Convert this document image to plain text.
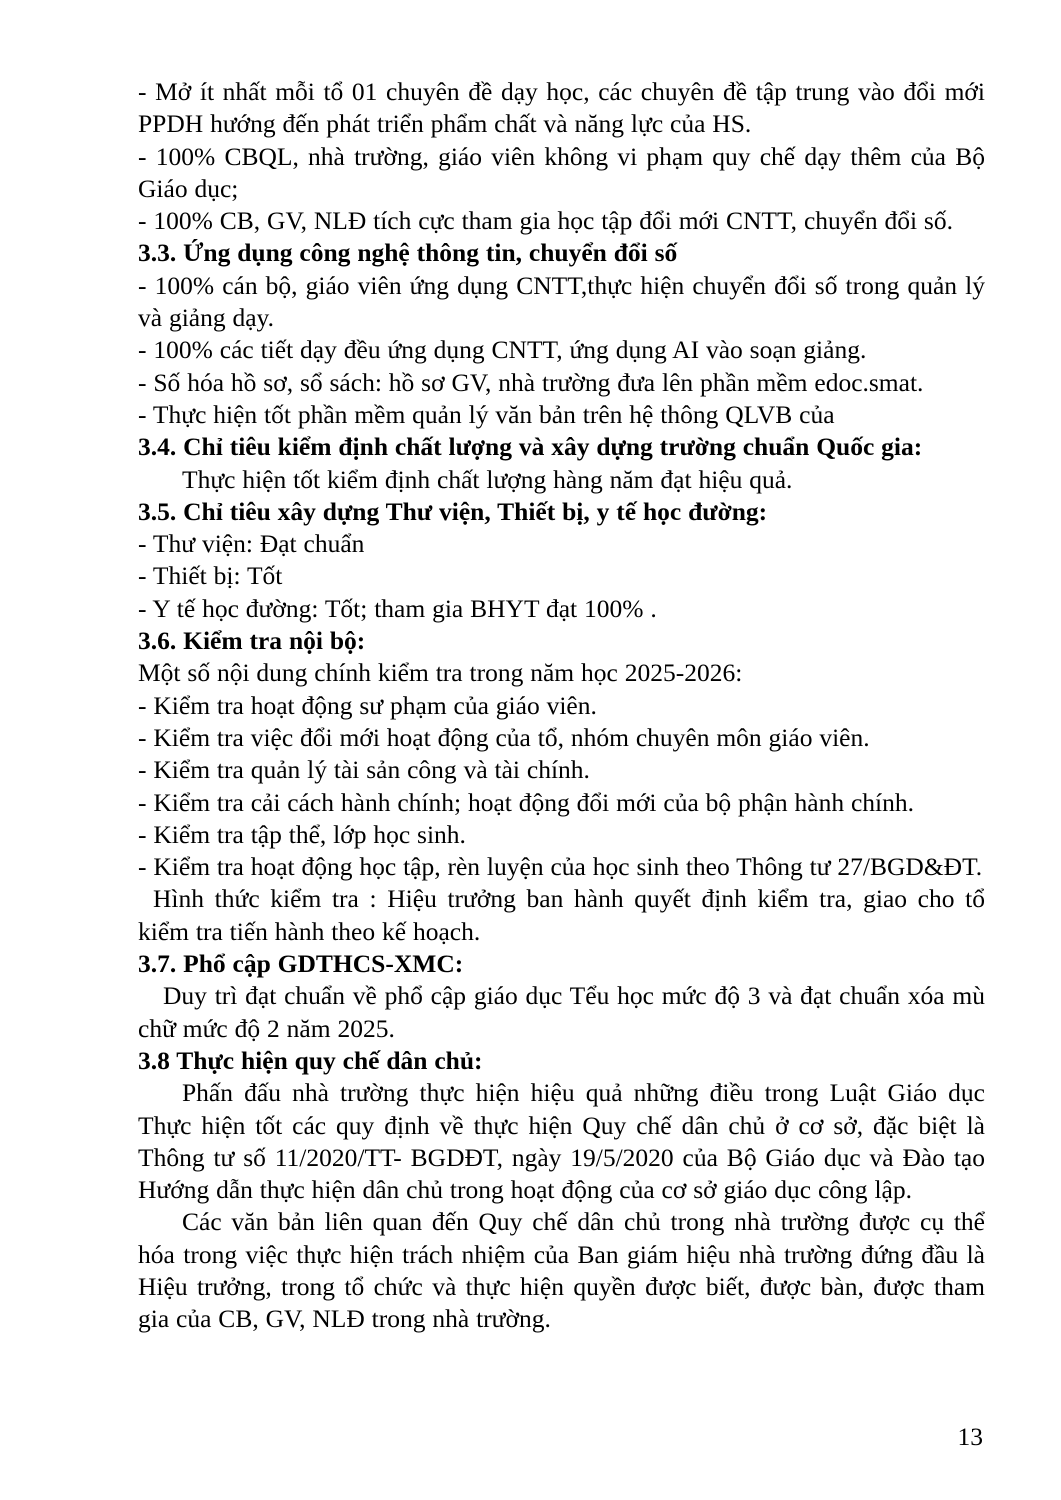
- Mở ít nhất mỗi tổ 01 chuyên đề dạy học, các chuyên đề tập trung vào đổi mới PPDH hướng đến phát triển phẩm chất và năng lực của HS.

- 100% CBQL, nhà trường, giáo viên không vi phạm quy chế dạy thêm của Bộ Giáo dục;

- 100% CB, GV, NLĐ tích cực tham gia học tập đổi mới CNTT, chuyển đổi số.

3.3. Ứng dụng công nghệ thông tin, chuyển đổi số

- 100% cán bộ, giáo viên ứng dụng CNTT,thực hiện chuyển đổi số trong quản lý và giảng dạy.

- 100% các tiết dạy đều ứng dụng CNTT, ứng dụng AI vào soạn giảng.

- Số hóa hồ sơ, sổ sách: hồ sơ GV, nhà trường đưa lên phần mềm edoc.smat.

- Thực hiện tốt phần mềm quản lý văn bản trên hệ thông QLVB của

3.4. Chỉ tiêu kiểm định chất lượng và xây dựng trường chuẩn Quốc gia:

Thực hiện tốt kiểm định chất lượng hàng năm đạt hiệu quả.

3.5. Chỉ tiêu xây dựng Thư viện, Thiết bị, y tế học đường:

- Thư viện: Đạt chuẩn

- Thiết bị: Tốt

- Y tế học đường: Tốt; tham gia BHYT đạt 100% .

3.6. Kiểm tra nội bộ:

Một số nội dung chính kiểm tra trong năm học 2025-2026:

- Kiểm tra hoạt động sư phạm của giáo viên.

- Kiểm tra việc đổi mới hoạt động của tổ, nhóm chuyên môn giáo viên.

- Kiểm tra quản lý tài sản công và tài chính.

- Kiểm tra cải cách hành chính; hoạt động đổi mới của bộ phận hành chính.

- Kiểm tra tập thể, lớp học sinh.

- Kiểm tra hoạt động học tập, rèn luyện của học sinh theo Thông tư 27/BGD&ĐT.

Hình thức kiểm tra : Hiệu trưởng ban hành quyết định kiểm tra, giao cho tổ kiểm tra tiến hành theo kế hoạch.

3.7. Phổ cập GDTHCS-XMC:

Duy trì đạt chuẩn về phổ cập giáo dục Tểu học mức độ 3 và đạt chuẩn xóa mù chữ mức độ 2 năm 2025.

3.8 Thực hiện quy chế dân chủ:

Phấn đấu nhà trường thực hiện hiệu quả những điều trong Luật Giáo dục Thực hiện tốt các quy định về thực hiện Quy chế dân chủ ở cơ sở, đặc biệt là Thông tư số 11/2020/TT- BGDĐT, ngày 19/5/2020 của Bộ Giáo dục và Đào tạo Hướng dẫn thực hiện dân chủ trong hoạt động của cơ sở giáo dục công lập.

Các văn bản liên quan đến Quy chế dân chủ trong nhà trường được cụ thể hóa trong việc thực hiện trách nhiệm của Ban giám hiệu nhà trường đứng đầu là Hiệu trưởng, trong tổ chức và thực hiện quyền được biết, được bàn, được tham gia của CB, GV, NLĐ trong nhà trường.

13
